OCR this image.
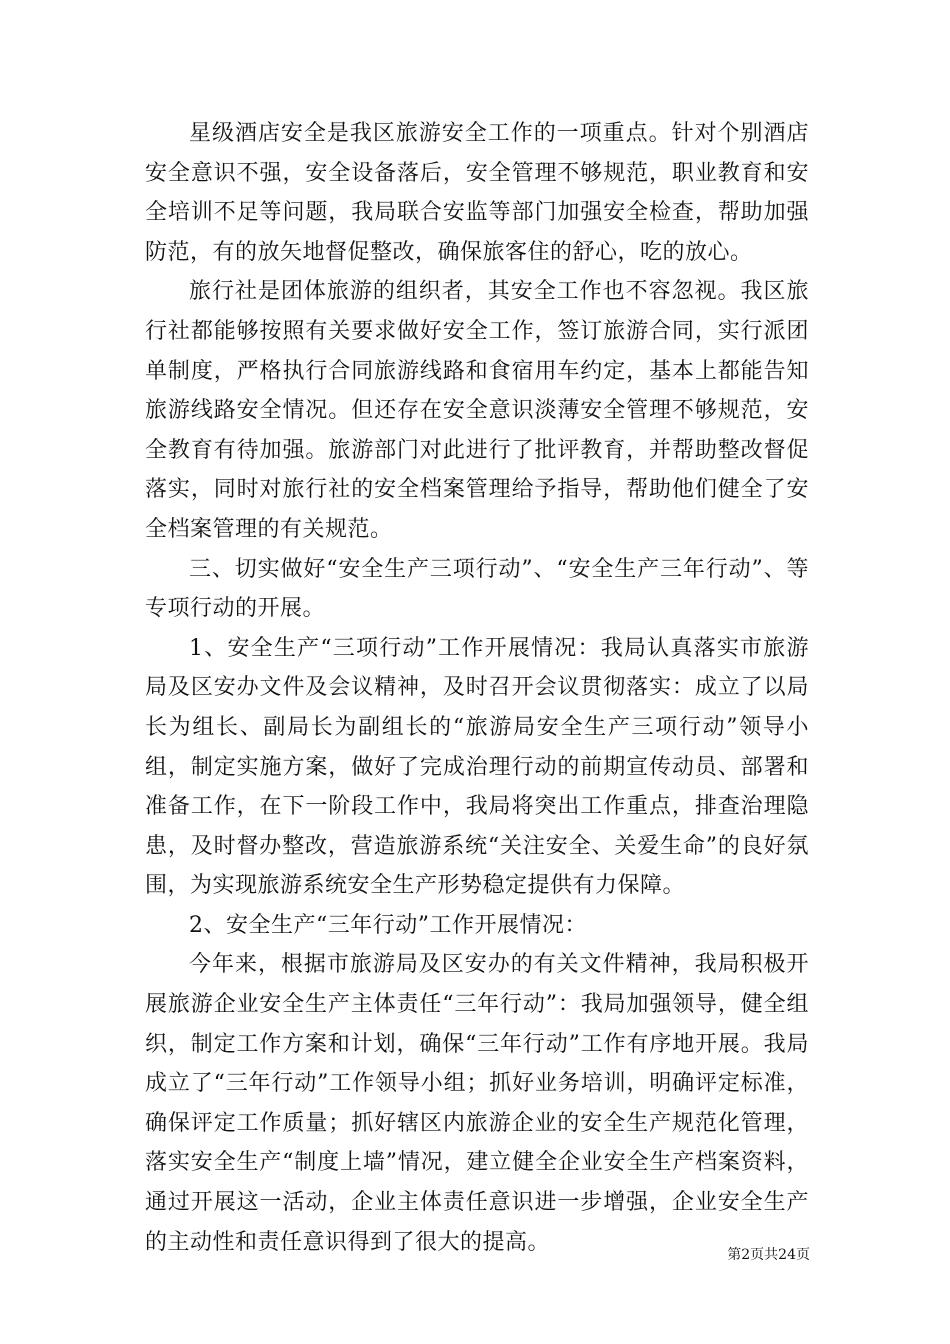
星级酒店安全是我区旅游安全工作的一项重点。针对个别酒店安全意识不强，安全设备落后，安全管理不够规范，职业教育和安全培训不足等问题，我局联合安监等部门加强安全检查，帮助加强防范，有的放矢地督促整改，确保旅客住的舒心，吃的放心。

旅行社是团体旅游的组织者，其安全工作也不容忽视。我区旅行社都能够按照有关要求做好安全工作，签订旅游合同，实行派团单制度，严格执行合同旅游线路和食宿用车约定，基本上都能告知旅游线路安全情况。但还存在安全意识淡薄安全管理不够规范，安全教育有待加强。旅游部门对此进行了批评教育，并帮助整改督促落实，同时对旅行社的安全档案管理给予指导，帮助他们健全了安全档案管理的有关规范。

三、切实做好“安全生产三项行动”、“安全生产三年行动”、等专项行动的开展。

1、安全生产“三项行动”工作开展情况：我局认真落实市旅游局及区安办文件及会议精神，及时召开会议贯彻落实：成立了以局长为组长、副局长为副组长的“旅游局安全生产三项行动”领导小组，制定实施方案，做好了完成治理行动的前期宣传动员、部署和准备工作，在下一阶段工作中，我局将突出工作重点，排查治理隐患，及时督办整改，营造旅游系统“关注安全、关爱生命”的良好氛围，为实现旅游系统安全生产形势稳定提供有力保障。

2、安全生产“三年行动”工作开展情况：

今年来，根据市旅游局及区安办的有关文件精神，我局积极开展旅游企业安全生产主体责任“三年行动”：我局加强领导，健全组织，制定工作方案和计划，确保“三年行动”工作有序地开展。我局成立了“三年行动”工作领导小组；抓好业务培训，明确评定标准，确保评定工作质量；抓好辖区内旅游企业的安全生产规范化管理，落实安全生产“制度上墙”情况，建立健全企业安全生产档案资料，通过开展这一活动，企业主体责任意识进一步增强，企业安全生产的主动性和责任意识得到了很大的提高。

第2页共24页
